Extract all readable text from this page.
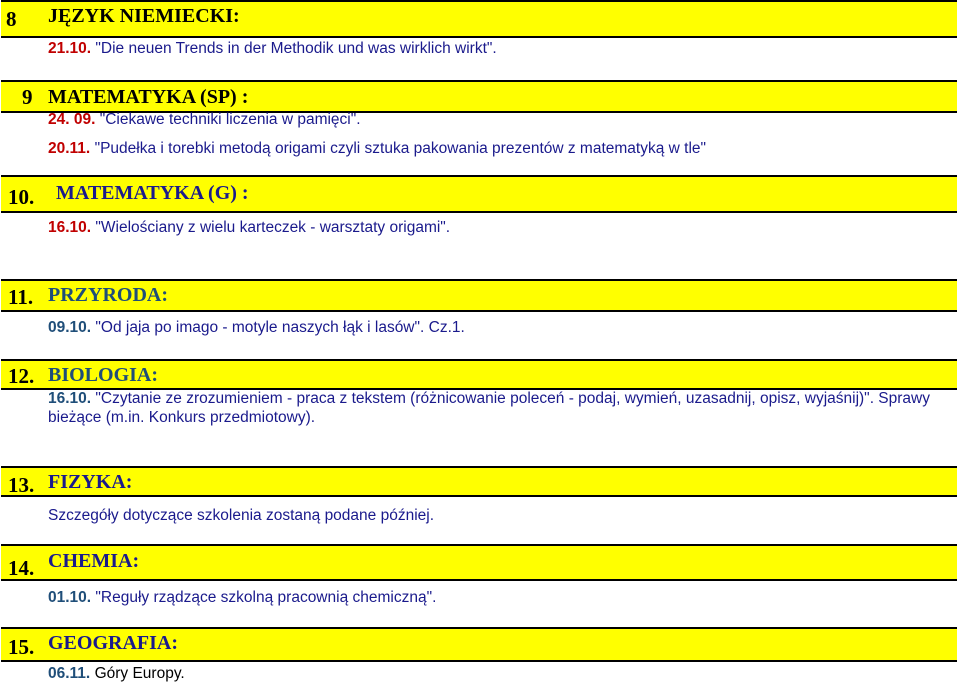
8 JĘZYK NIEMIECKI:
21.10. "Die neuen Trends in der Methodik und was wirklich wirkt".
9 MATEMATYKA (SP) :
24. 09. "Ciekawe techniki liczenia w pamięci".
20.11. "Pudełka i torebki metodą origami czyli sztuka pakowania prezentów z matematyką w tle"
10. MATEMATYKA (G) :
16.10. "Wielościany z wielu karteczek - warsztaty origami".
11. PRZYRODA:
09.10. "Od jaja po imago - motyle naszych łąk i lasów". Cz.1.
12. BIOLOGIA:
16.10. "Czytanie ze zrozumieniem - praca z tekstem (różnicowanie poleceń - podaj, wymień, uzasadnij, opisz, wyjaśnij)". Sprawy bieżące (m.in. Konkurs przedmiotowy).
13. FIZYKA:
Szczegóły dotyczące szkolenia zostaną podane później.
14. CHEMIA:
01.10. "Reguły rządzące szkolną pracownią chemiczną".
15. GEOGRAFIA:
06.11. Góry Europy.
